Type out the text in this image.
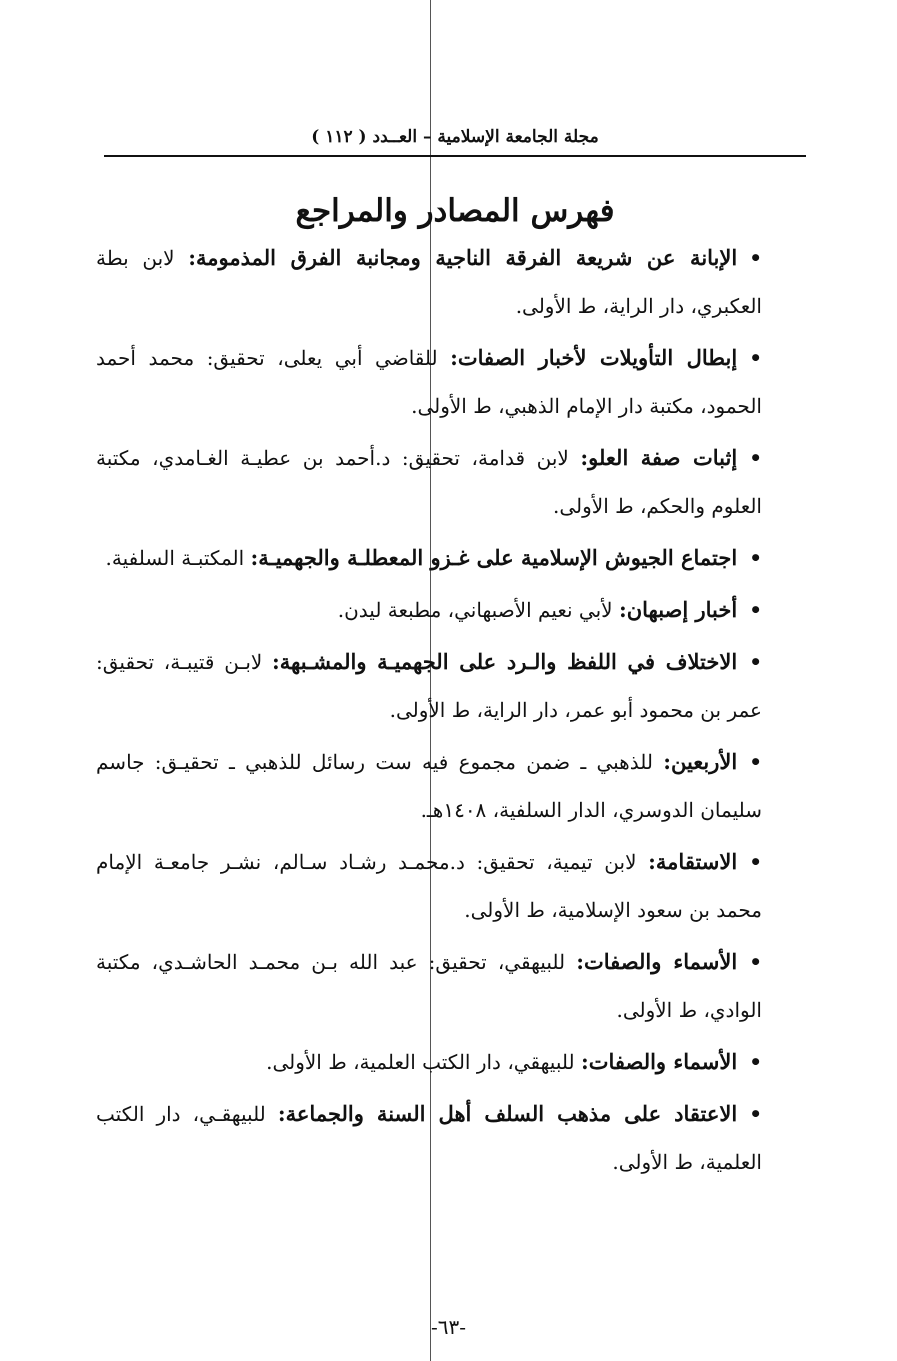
مجلة الجامعة الإسلامية – العــدد ( ١١٢ )
فهرس المصادر والمراجع
•الإبانة عن شريعة الفرقة الناجية ومجانبة الفرق المذمومة: لابن بطة العكبري، دار الراية، ط الأولى.
•إبطال التأويلات لأخبار الصفات: للقاضي أبي يعلى، تحقيق: محمد أحمد الحمود، مكتبة دار الإمام الذهبي، ط الأولى.
•إثبات صفة العلو: لابن قدامة، تحقيق: د.أحمد بن عطيـة الغـامدي، مكتبة العلوم والحكم، ط الأولى.
•اجتماع الجيوش الإسلامية على غـزو المعطلـة والجهميـة: المكتبـة السلفية.
•أخبار إصبهان: لأبي نعيم الأصبهاني، مطبعة ليدن.
•الاختلاف في اللفظ والـرد على الجهميـة والمشـبهة: لابـن قتيبـة، تحقيق: عمر بن محمود أبو عمر، دار الراية، ط الأولى.
•الأربعين: للذهبي ـ ضمن مجموع فيه ست رسائل للذهبي ـ تحقيـق: جاسم سليمان الدوسري، الدار السلفية، ١٤٠٨هـ.
•الاستقامة: لابن تيمية، تحقيق: د.محمـد رشـاد سـالم، نشـر جامعـة الإمام محمد بن سعود الإسلامية، ط الأولى.
•الأسماء والصفات: للبيهقي، تحقيق: عبد الله بـن محمـد الحاشـدي، مكتبة الوادي، ط الأولى.
•الأسماء والصفات: للبيهقي، دار الكتب العلمية، ط الأولى.
•الاعتقاد على مذهب السلف أهل السنة والجماعة: للبيهقـي، دار الكتب العلمية، ط الأولى.
-٦٣-
